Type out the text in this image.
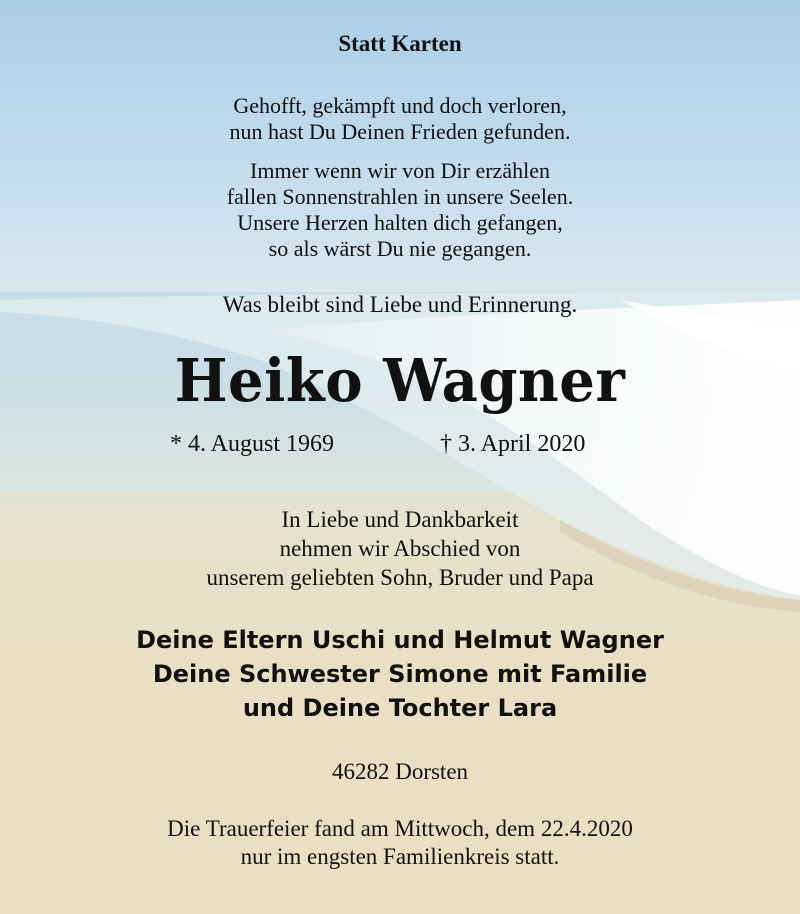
Statt Karten
Gehofft, gekämpft und doch verloren,
nun hast Du Deinen Frieden gefunden.
Immer wenn wir von Dir erzählen
fallen Sonnenstrahlen in unsere Seelen.
Unsere Herzen halten dich gefangen,
so als wärst Du nie gegangen.
Was bleibt sind Liebe und Erinnerung.
Heiko Wagner
* 4. August 1969	† 3. April 2020
In Liebe und Dankbarkeit
nehmen wir Abschied von
unserem geliebten Sohn, Bruder und Papa
Deine Eltern Uschi und Helmut Wagner
Deine Schwester Simone mit Familie
und Deine Tochter Lara
46282 Dorsten
Die Trauerfeier fand am Mittwoch, dem 22.4.2020
nur im engsten Familienkreis statt.
